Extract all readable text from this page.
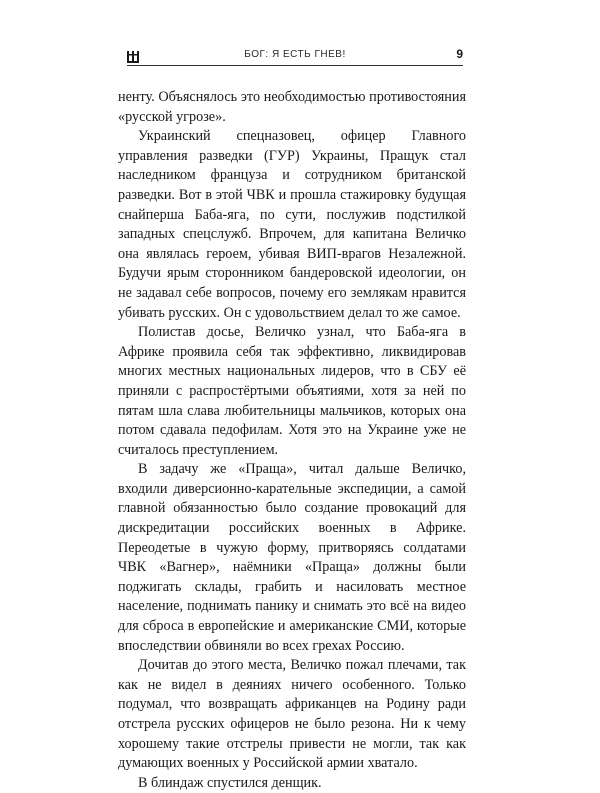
БОГ: Я ЕСТЬ ГНЕВ!	9

ненту. Объяснялось это необходимостью противостояния «русской угрозе».

Украинский спецназовец, офицер Главного управления разведки (ГУР) Украины, Пращук стал наследником француза и сотрудником британской разведки. Вот в этой ЧВК и прошла стажировку будущая снайперша Баба-яга, по сути, послужив подстилкой западных спецслужб. Впрочем, для капитана Величко она являлась героем, убивая ВИП-врагов Незалежной. Будучи ярым сторонником бандеровской идеологии, он не задавал себе вопросов, почему его землякам нравится убивать русских. Он с удовольствием делал то же самое.

Полистав досье, Величко узнал, что Баба-яга в Африке проявила себя так эффективно, ликвидировав многих местных национальных лидеров, что в СБУ её приняли с распростёртыми объятиями, хотя за ней по пятам шла слава любительницы мальчиков, которых она потом сдавала педофилам. Хотя это на Украине уже не считалось преступлением.

В задачу же «Праща», читал дальше Величко, входили диверсионно-карательные экспедиции, а самой главной обязанностью было создание провокаций для дискредитации российских военных в Африке. Переодетые в чужую форму, притворяясь солдатами ЧВК «Вагнер», наёмники «Праща» должны были поджигать склады, грабить и насиловать местное население, поднимать панику и снимать это всё на видео для сброса в европейские и американские СМИ, которые впоследствии обвиняли во всех грехах Россию.

Дочитав до этого места, Величко пожал плечами, так как не видел в деяниях ничего особенного. Только подумал, что возвращать африканцев на Родину ради отстрела русских офицеров не было резона. Ни к чему хорошему такие отстрелы привести не могли, так как думающих военных у Российской армии хватало.

В блиндаж спустился денщик.
